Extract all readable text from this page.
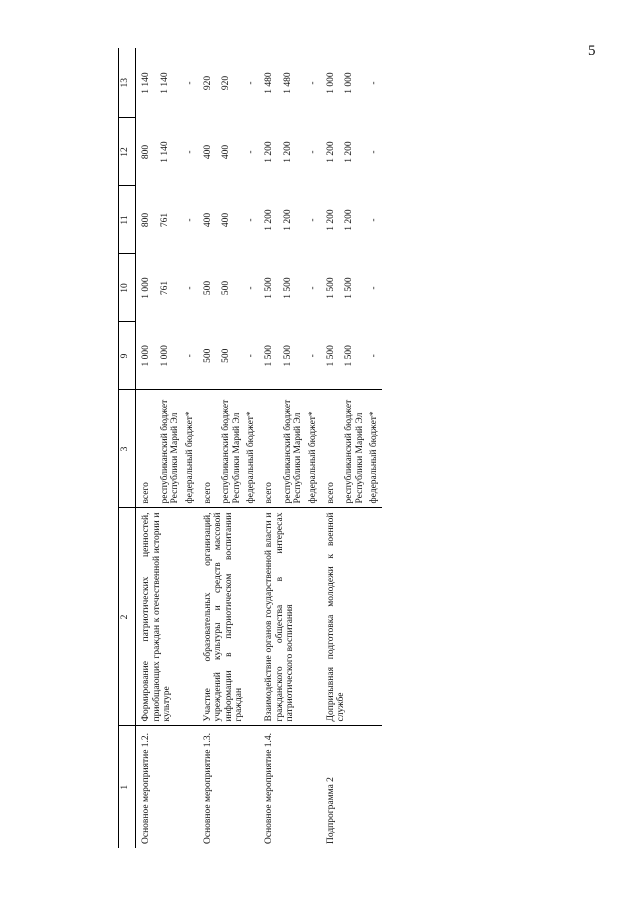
5
1	2	3	9	10	11	12	13
Основное мероприятие 1.2.	Формирование патриотических ценностей, приобщающих граждан к отечественной истории и культуре	всего	1 000	1 000	800	800	1 140
		республиканский бюджет Республики Марий Эл	1 000	761	761	1 140	1 140
		федеральный бюджет*	-	-	-	-	-
Основное мероприятие 1.3.	Участие образовательных организаций, учреждений культуры и средств массовой информации в патриотическом воспитании граждан	всего	500	500	400	400	920
		республиканский бюджет Республики Марий Эл	500	500	400	400	920
		федеральный бюджет*	-	-	-	-	-
Основное мероприятие 1.4.	Взаимодействие органов государственной власти и гражданского общества в интересах патриотического воспитания	всего	1 500	1 500	1 200	1 200	1 480
		республиканский бюджет Республики Марий Эл	1 500	1 500	1 200	1 200	1 480
		федеральный бюджет*	-	-	-	-	-
Подпрограмма 2	Допризывная подготовка молодежи к военной службе	всего	1 500	1 500	1 200	1 200	1 000
		республиканский бюджет Республики Марий Эл	1 500	1 500	1 200	1 200	1 000
		федеральный бюджет*	-	-	-	-	-
